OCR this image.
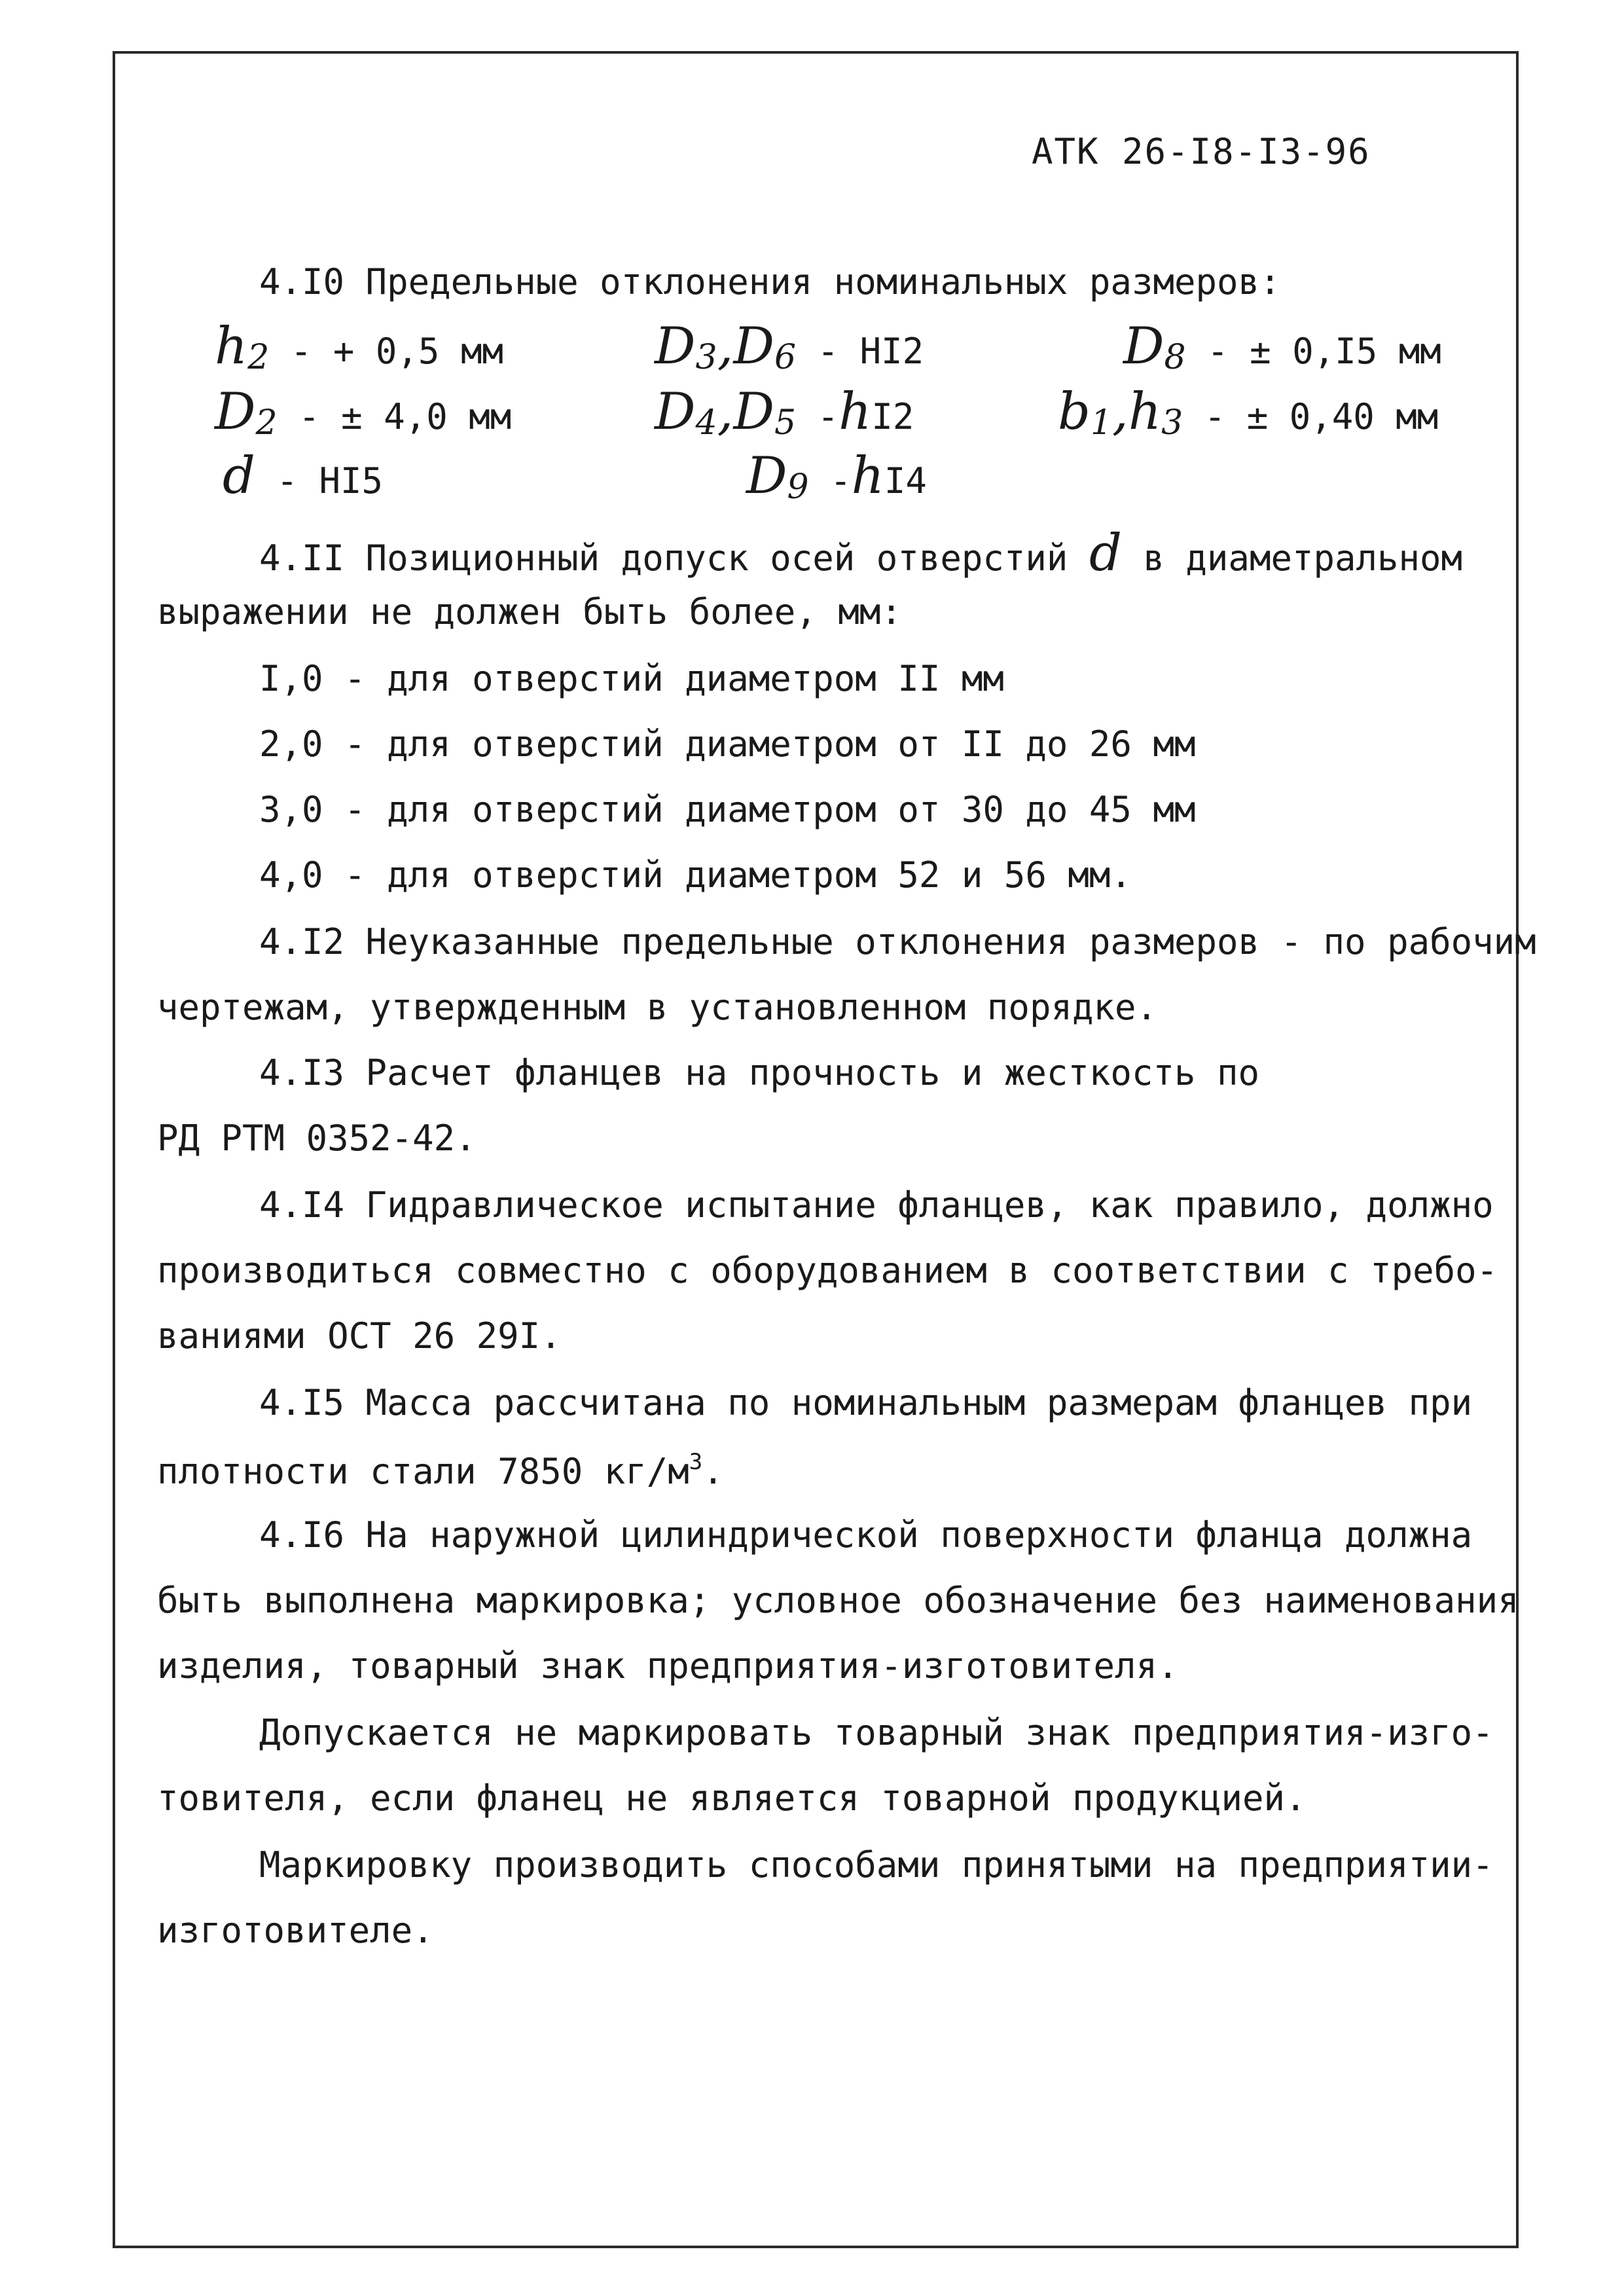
АТК 26-I8-I3-96
4.I0 Предельные отклонения номинальных размеров:
$h_2$ - + 0,5 мм	$D_3,D_6 - HI2$	$D_8$ - ± 0,I5 мм
$D_2$ - ± 4,0 мм	$D_4,D_5$ -hI2	$b_1,h_3$ - ± 0,40 мм
d - HI5	$D_9$ -hI4
4.II Позиционный допуск осей отверстий d в диаметральном
выражении не должен быть более, мм:
I,0 - для отверстий диаметром II мм
2,0 - для отверстий диаметром от II до 26 мм
3,0 - для отверстий диаметром от 30 до 45 мм
4,0 - для отверстий диаметром 52 и 56 мм.
4.I2 Неуказанные предельные отклонения размеров - по рабочим
чертежам, утвержденным в установленном порядке.
4.I3 Расчет фланцев на прочность и жесткость по
РД РТМ 0352-42.
4.I4 Гидравлическое испытание фланцев, как правило, должно
производиться совместно с оборудованием в соответствии с требо-
ваниями ОСТ 26 29I.
4.I5 Масса рассчитана по номинальным размерам фланцев при
плотности стали 7850 $кг/м^3$.
4.I6 На наружной цилиндрической поверхности фланца должна
быть выполнена маркировка; условное обозначение без наименования
изделия, товарный знак предприятия-изготовителя.
Допускается не маркировать товарный знак предприятия-изго-
товителя, если фланец не является товарной продукцией.
Маркировку производить способами принятыми на предприятии-
изготовителе.
